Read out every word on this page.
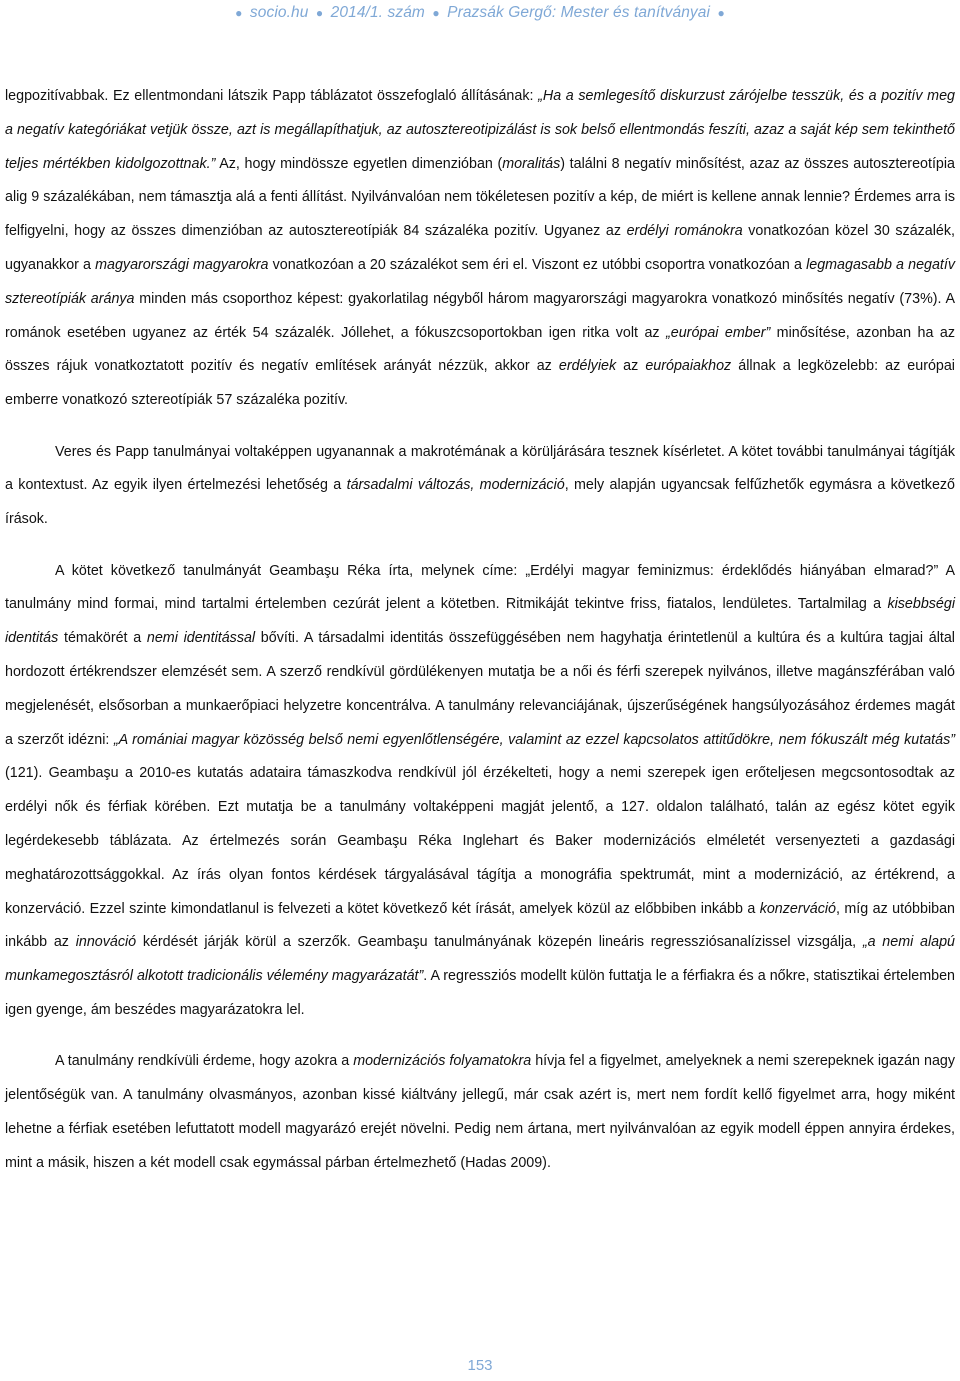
● socio.hu ● 2014/1. szám ● Prazsák Gergő: Mester és tanítványai ●

legpozitívabbak. Ez ellentmondani látszik Papp táblázatot összefoglaló állításának: „Ha a semlegesítő diskurzust zárójelbe tesszük, és a pozitív meg a negatív kategóriákat vetjük össze, azt is megállapíthatjuk, az autosztereotipizálást is sok belső ellentmondás feszíti, azaz a saját kép sem tekinthető teljes mértékben kidolgozottnak.” Az, hogy mindössze egyetlen dimenzióban (moralitás) találni 8 negatív minősítést, azaz az összes autosztereotípia alig 9 százalékában, nem támasztja alá a fenti állítást. Nyilvánvalóan nem tökéletesen pozitív a kép, de miért is kellene annak lennie? Érdemes arra is felfigyelni, hogy az összes dimenzióban az autosztereotípiák 84 százaléka pozitív. Ugyanez az erdélyi románokra vonatkozóan közel 30 százalék, ugyanakkor a magyarországi magyarokra vonatkozóan a 20 százalékot sem éri el. Viszont ez utóbbi csoportra vonatkozóan a legmagasabb a negatív sztereotípiák aránya minden más csoporthoz képest: gyakorlatilag négyből három magyarországi magyarokra vonatkozó minősítés negatív (73%). A románok esetében ugyanez az érték 54 százalék. Jóllehet, a fókuszcsoportokban igen ritka volt az „európai ember” minősítése, azonban ha az összes rájuk vonatkoztatott pozitív és negatív említések arányát nézzük, akkor az erdélyiek az európaiakhoz állnak a legközelebb: az európai emberre vonatkozó sztereotípiák 57 százaléka pozitív.

Veres és Papp tanulmányai voltaképpen ugyanannak a makrotémának a körüljárására tesznek kísérletet. A kötet további tanulmányai tágítják a kontextust. Az egyik ilyen értelmezési lehetőség a társadalmi változás, modernizáció, mely alapján ugyancsak felfűzhetők egymásra a következő írások.

A kötet következő tanulmányát Geambaşu Réka írta, melynek címe: „Erdélyi magyar feminizmus: érdeklődés hiányában elmarad?” A tanulmány mind formai, mind tartalmi értelemben cezúrát jelent a kötetben. Ritmikáját tekintve friss, fiatalos, lendületes. Tartalmilag a kisebbségi identitás témakörét a nemi identitással bővíti. A társadalmi identitás összefüggésében nem hagyhatja érintetlenül a kultúra és a kultúra tagjai által hordozott értékrendszer elemzését sem. A szerző rendkívül gördülékenyen mutatja be a női és férfi szerepek nyilvános, illetve magánszférában való megjelenését, elsősorban a munkaerőpiaci helyzetre koncentrálva. A tanulmány relevanciájának, újszerűségének hangsúlyozásához érdemes magát a szerzőt idézni: „A romániai magyar közösség belső nemi egyenlőtlenségére, valamint az ezzel kapcsolatos attitűdökre, nem fókuszált még kutatás” (121). Geambaşu a 2010-es kutatás adataira támaszkodva rendkívül jól érzékelteti, hogy a nemi szerepek igen erőteljesen megcsontosodtak az erdélyi nők és férfiak körében. Ezt mutatja be a tanulmány voltaképpeni magját jelentő, a 127. oldalon található, talán az egész kötet egyik legérdekesebb táblázata. Az értelmezés során Geambaşu Réka Inglehart és Baker modernizációs elméletét versenyezteti a gazdasági meghatározottsággokkal. Az írás olyan fontos kérdések tárgyalásával tágítja a monográfia spektrumát, mint a modernizáció, az értékrend, a konzerváció. Ezzel szinte kimondatlanul is felvezeti a kötet következő két írását, amelyek közül az előbbiben inkább a konzerváció, míg az utóbbiban inkább az innováció kérdését járják körül a szerzők. Geambaşu tanulmányának közepén lineáris regressziósanalízissel vizsgálja, „a nemi alapú munkamegosztásról alkotott tradicionális vélemény magyarázatát”. A regressziós modellt külön futtatja le a férfiakra és a nőkre, statisztikai értelemben igen gyenge, ám beszédes magyarázatokra lel.

A tanulmány rendkívüli érdeme, hogy azokra a modernizációs folyamatokra hívja fel a figyelmet, amelyeknek a nemi szerepeknek igazán nagy jelentőségük van. A tanulmány olvasmányos, azonban kissé kiáltvány jellegű, már csak azért is, mert nem fordít kellő figyelmet arra, hogy miként lehetne a férfiak esetében lefuttatott modell magyarázó erejét növelni. Pedig nem ártana, mert nyilvánvalóan az egyik modell éppen annyira érdekes, mint a másik, hiszen a két modell csak egymással párban értelmezhető (Hadas 2009).

153
